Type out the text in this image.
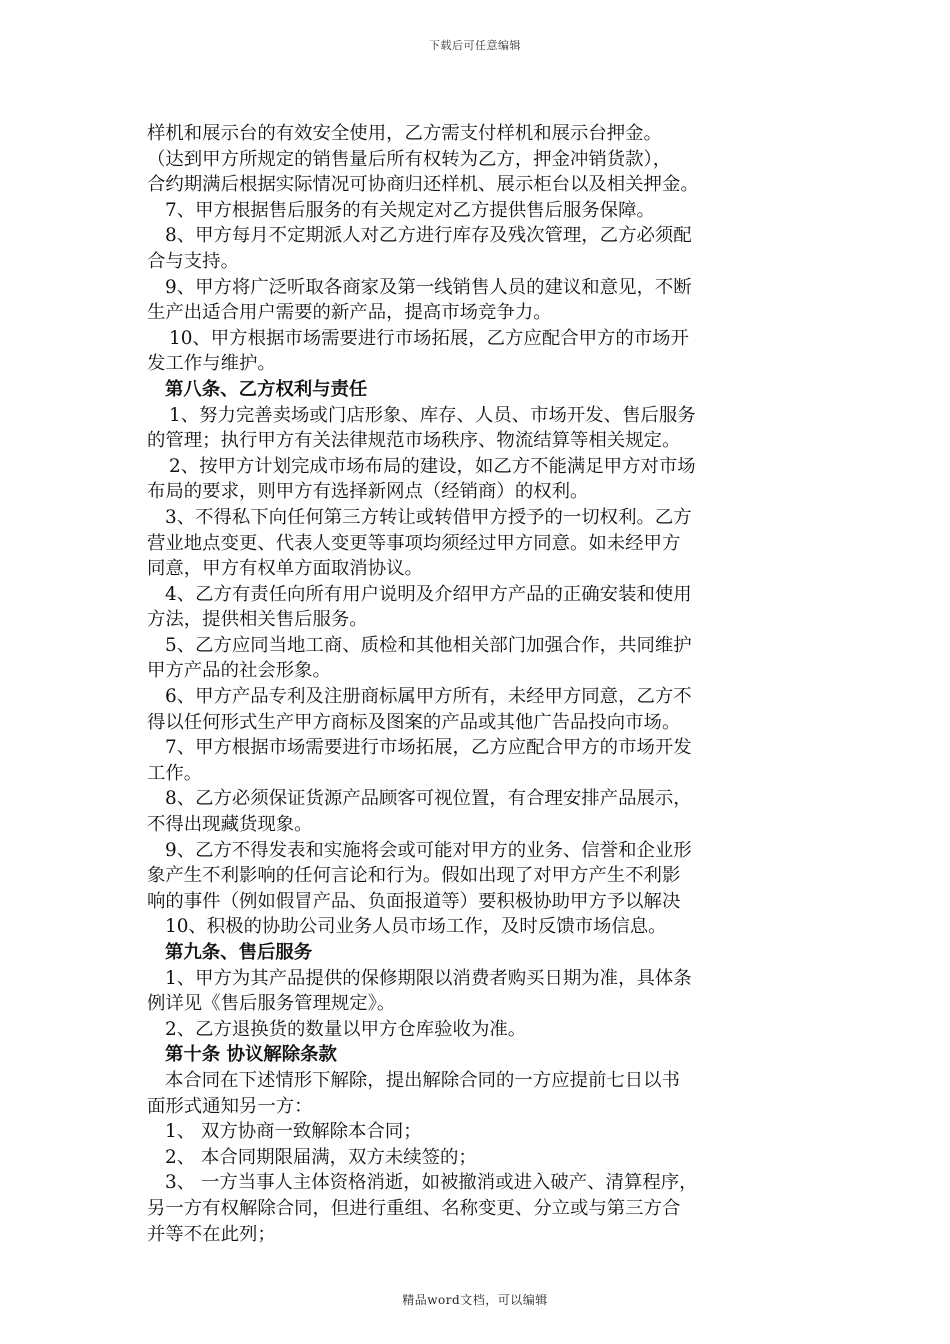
下载后可任意编辑
样机和展示台的有效安全使用，乙方需支付样机和展示台押金。
（达到甲方所规定的销售量后所有权转为乙方，押金冲销货款），
合约期满后根据实际情况可协商归还样机、展示柜台以及相关押金。
7、甲方根据售后服务的有关规定对乙方提供售后服务保障。
8、甲方每月不定期派人对乙方进行库存及残次管理，乙方必须配
合与支持。
9、甲方将广泛听取各商家及第一线销售人员的建议和意见，不断
生产出适合用户需要的新产品，提高市场竞争力。
10、甲方根据市场需要进行市场拓展，乙方应配合甲方的市场开
发工作与维护。
第八条、乙方权利与责任
1、努力完善卖场或门店形象、库存、人员、市场开发、售后服务
的管理；执行甲方有关法律规范市场秩序、物流结算等相关规定。
2、按甲方计划完成市场布局的建设，如乙方不能满足甲方对市场
布局的要求，则甲方有选择新网点（经销商）的权利。
3、不得私下向任何第三方转让或转借甲方授予的一切权利。乙方
营业地点变更、代表人变更等事项均须经过甲方同意。如未经甲方
同意，甲方有权单方面取消协议。
4、乙方有责任向所有用户说明及介绍甲方产品的正确安装和使用
方法，提供相关售后服务。
5、乙方应同当地工商、质检和其他相关部门加强合作，共同维护
甲方产品的社会形象。
6、甲方产品专利及注册商标属甲方所有，未经甲方同意，乙方不
得以任何形式生产甲方商标及图案的产品或其他广告品投向市场。
7、甲方根据市场需要进行市场拓展，乙方应配合甲方的市场开发
工作。
8、乙方必须保证货源产品顾客可视位置，有合理安排产品展示，
不得出现藏货现象。
9、乙方不得发表和实施将会或可能对甲方的业务、信誉和企业形
象产生不利影响的任何言论和行为。假如出现了对甲方产生不利影
响的事件（例如假冒产品、负面报道等）要积极协助甲方予以解决
10、积极的协助公司业务人员市场工作，及时反馈市场信息。
第九条、售后服务
1、甲方为其产品提供的保修期限以消费者购买日期为准，具体条
例详见《售后服务管理规定》。
2、乙方退换货的数量以甲方仓库验收为准。
第十条 协议解除条款
本合同在下述情形下解除，提出解除合同的一方应提前七日以书
面形式通知另一方：
1、 双方协商一致解除本合同；
2、 本合同期限届满，双方未续签的；
3、 一方当事人主体资格消逝，如被撤消或进入破产、清算程序，
另一方有权解除合同，但进行重组、名称变更、分立或与第三方合
并等不在此列；
精品word文档，可以编辑
